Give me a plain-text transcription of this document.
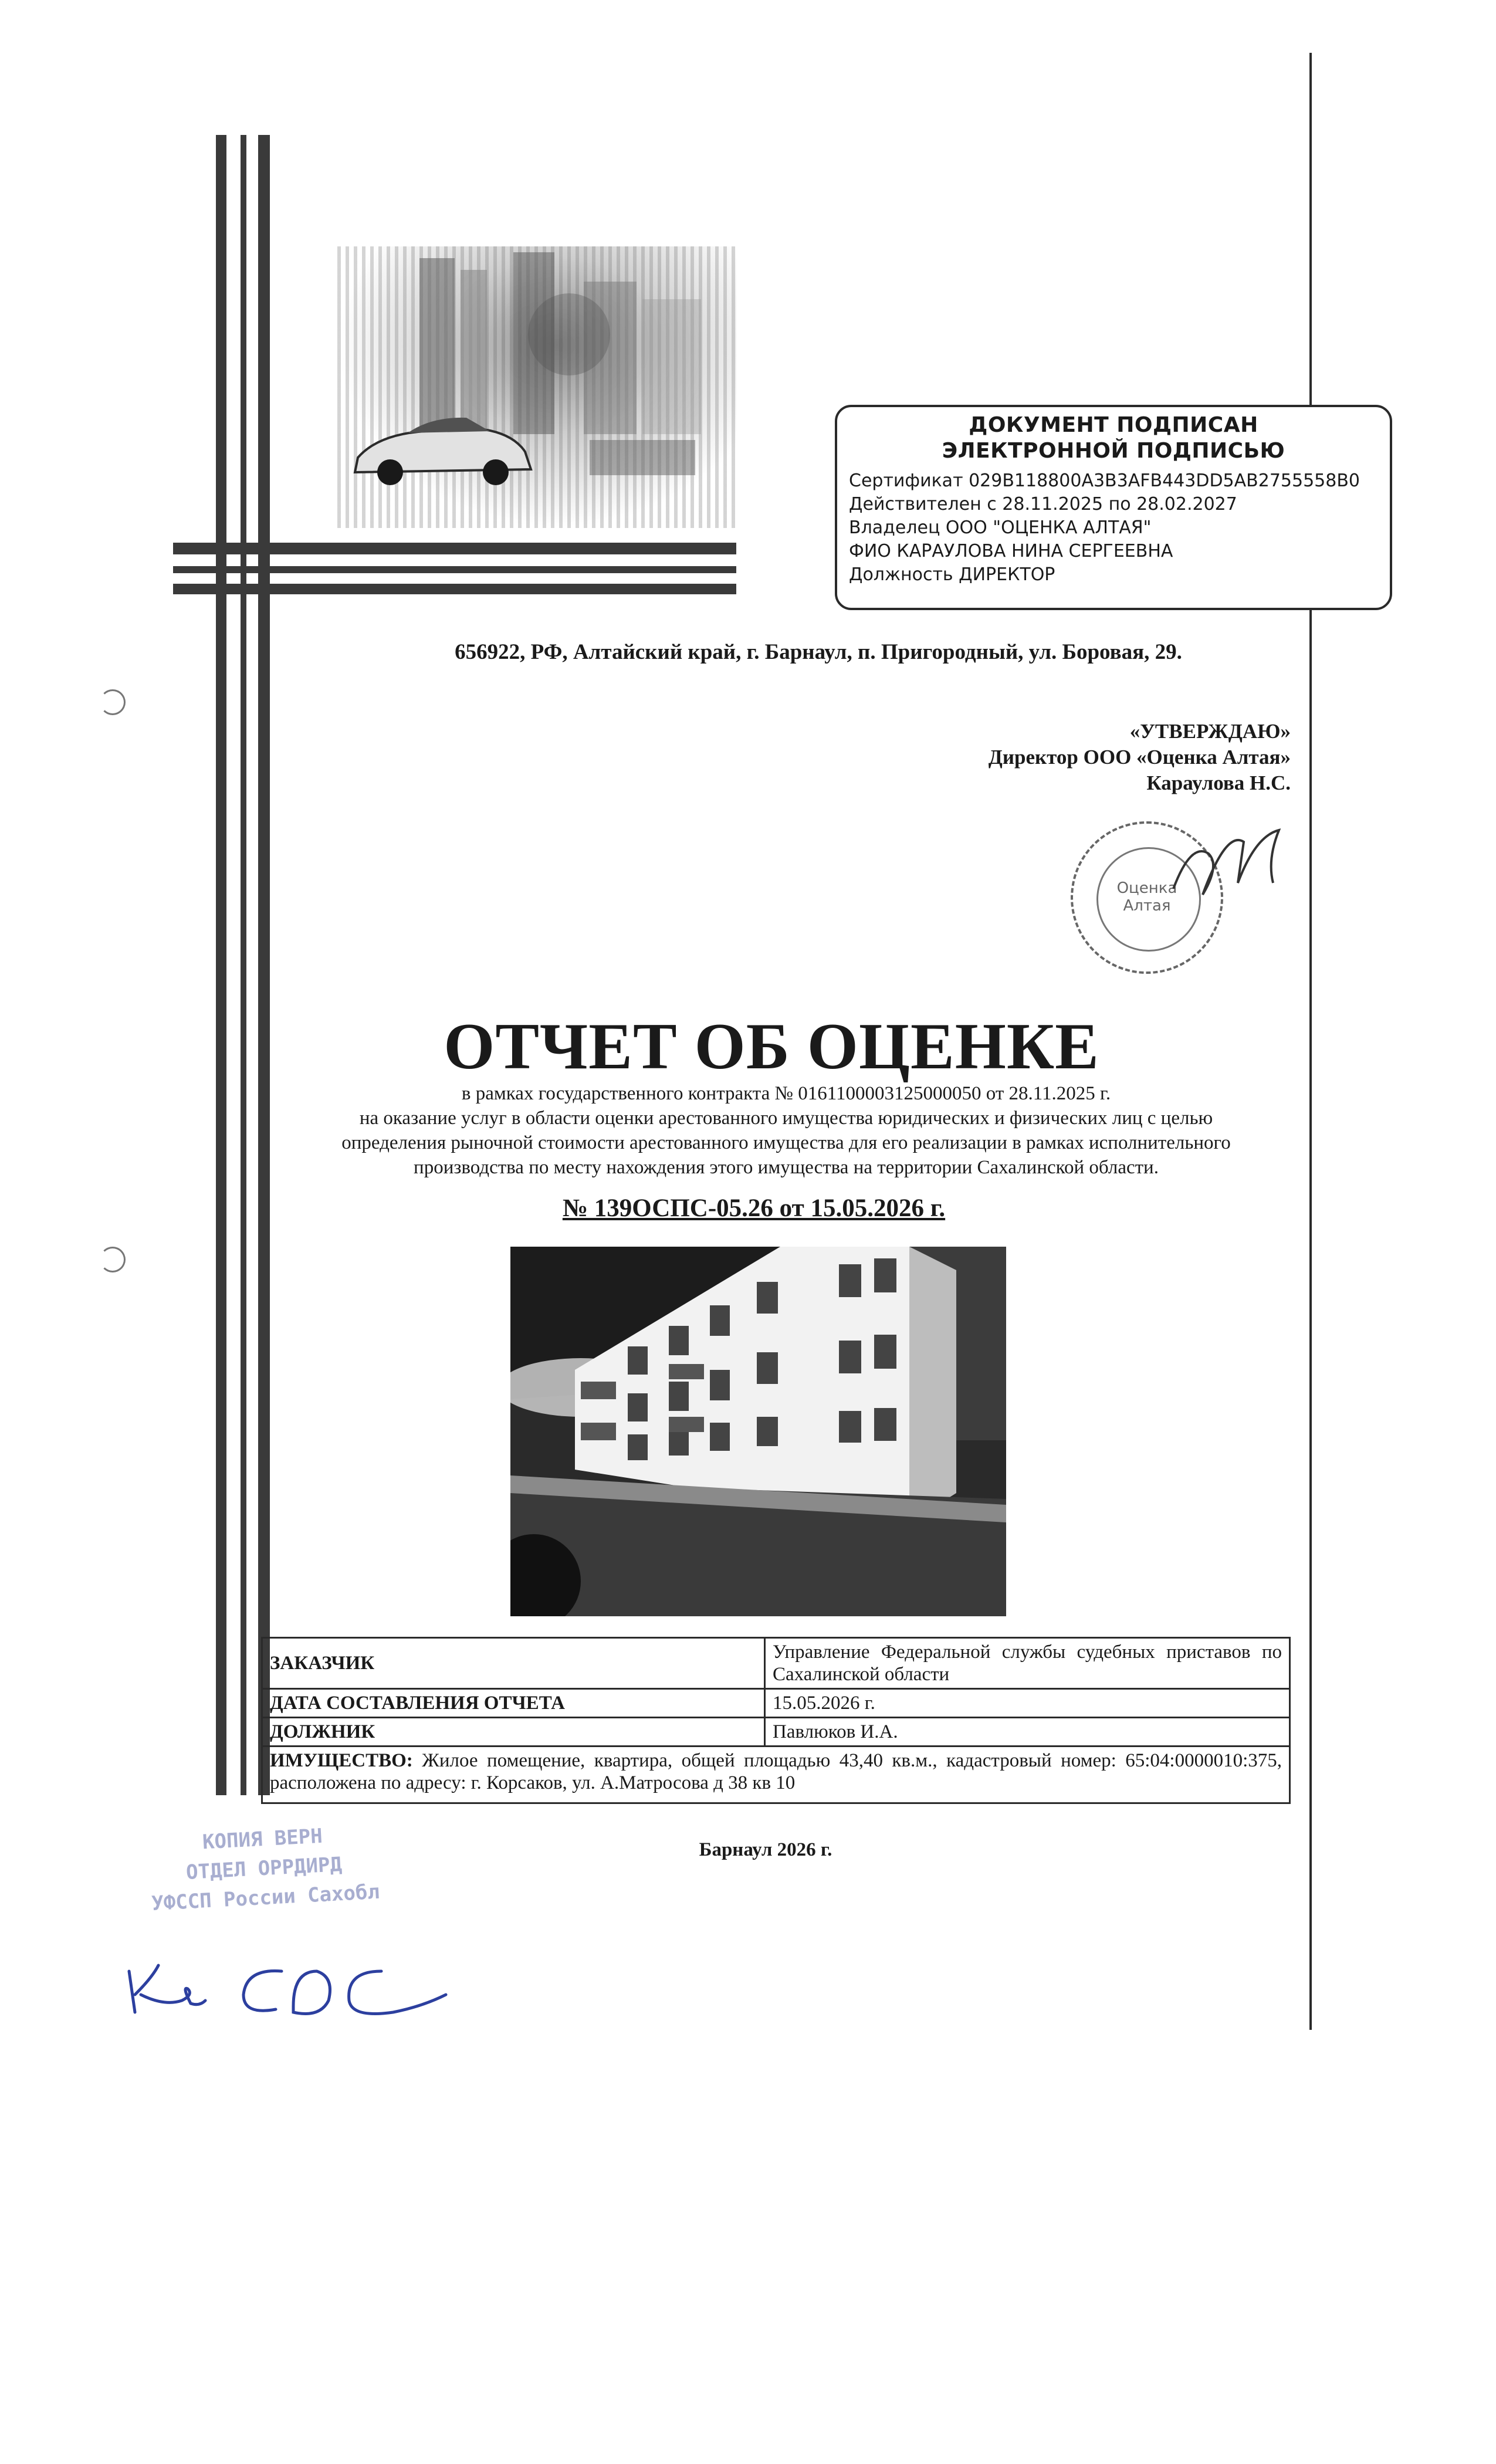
ДОКУМЕНТ ПОДПИСАН
ЭЛЕКТРОННОЙ ПОДПИСЬЮ
Сертификат 029B118800A3B3AFB443DD5AB2755558B0
Действителен с 28.11.2025 по 28.02.2027
Владелец ООО "ОЦЕНКА АЛТАЯ"
ФИО КАРАУЛОВА НИНА СЕРГЕЕВНА
Должность ДИРЕКТОР
656922, РФ, Алтайский край, г. Барнаул, п. Пригородный, ул. Боровая, 29.
«УТВЕРЖДАЮ»
Директор ООО «Оценка Алтая»
Караулова Н.С.
Оценка
Алтая
ОТЧЕТ ОБ ОЦЕНКЕ
в рамках государственного контракта № 0161100003125000050 от 28.11.2025 г.
на оказание услуг в области оценки арестованного имущества юридических и физических лиц с целью
определения рыночной стоимости арестованного имущества для его реализации в рамках исполнительного
производства по месту нахождения этого имущества на территории Сахалинской области.
№ 139ОСПС-05.26 от 15.05.2026 г.
ЗАКАЗЧИК	Управление Федеральной службы судебных приставов по Сахалинской области
ДАТА СОСТАВЛЕНИЯ ОТЧЕТА	15.05.2026 г.
ДОЛЖНИК	Павлюков И.А.
ИМУЩЕСТВО: Жилое помещение, квартира, общей площадью 43,40 кв.м., кадастровый номер: 65:04:0000010:375, расположена по адресу: г. Корсаков, ул. А.Матросова д 38 кв 10	
Барнаул 2026 г.
КОПИЯ ВЕРН
ОТДЕЛ ОРРДИРД
УФССП России Сахобл
